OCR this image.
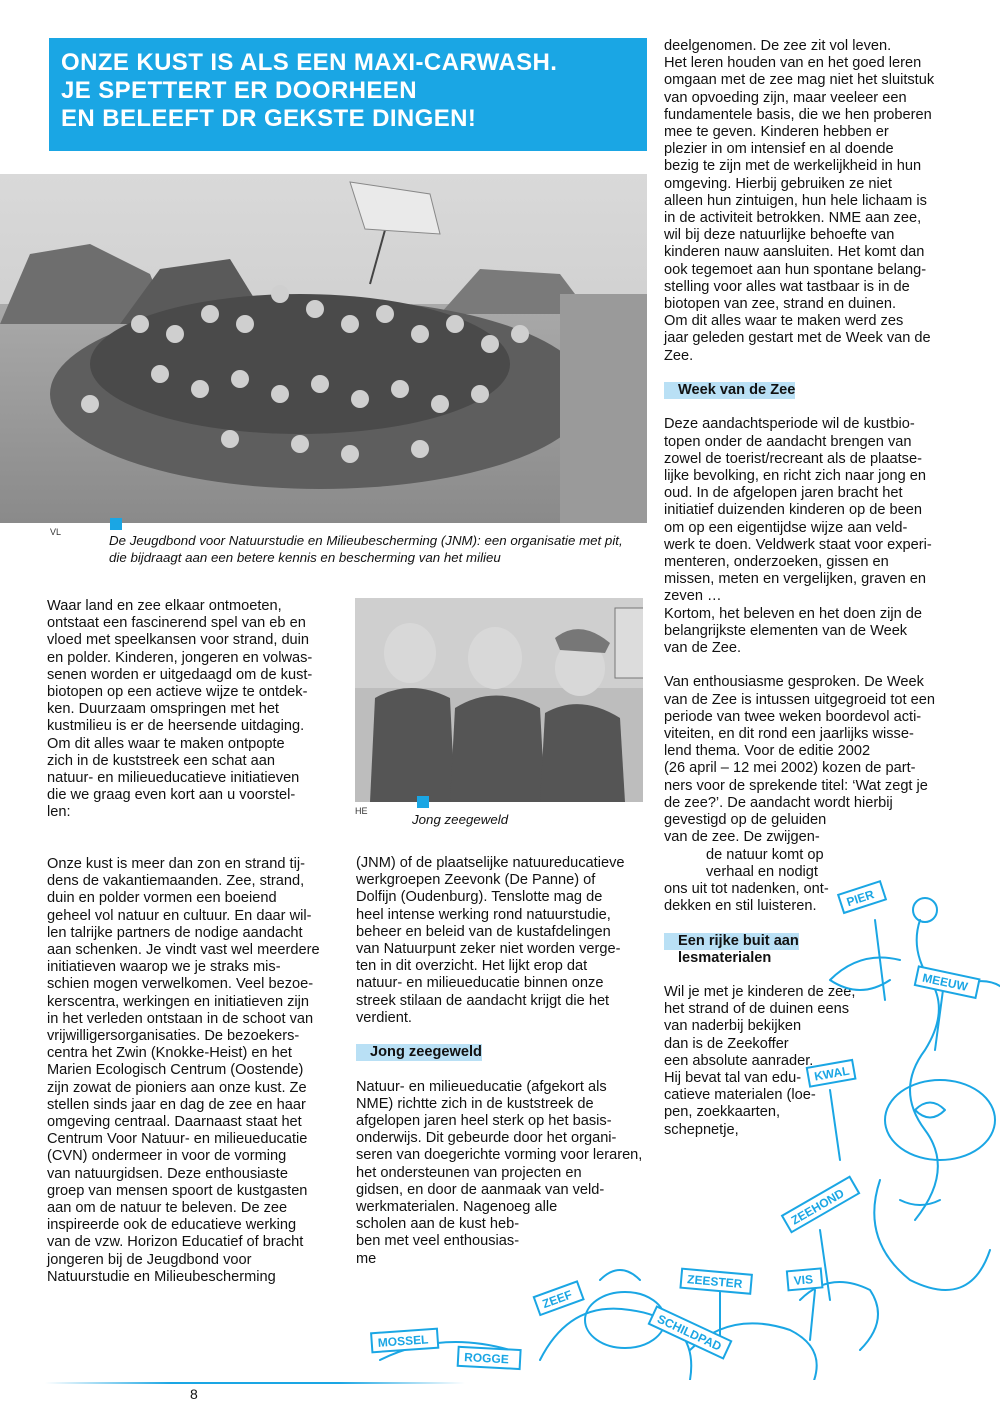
ONZE KUST IS ALS EEN MAXI-CARWASH.
JE SPETTERT ER DOORHEEN
EN BELEEFT DR GEKSTE DINGEN!
VL
De Jeugdbond voor Natuurstudie en Milieubescherming (JNM): een organisatie met pit,
die bijdraagt aan een betere kennis en bescherming van het milieu
HE
Jong zeegeweld

Waar land en zee elkaar ontmoeten,
ontstaat een fascinerend spel van eb en
vloed met speelkansen voor strand, duin
en polder. Kinderen, jongeren en volwas-
senen worden er uitgedaagd om de kust-
biotopen op een actieve wijze te ontdek-
ken. Duurzaam omspringen met het
kustmilieu is er de heersende uitdaging.
Om dit alles waar te maken ontpopte
zich in de kuststreek een schat aan
natuur- en milieueducatieve initiatieven
die we graag even kort aan u voorstel-
len:

Onze kust is meer dan zon en strand tij-
dens de vakantiemaanden. Zee, strand,
duin en polder vormen een boeiend
geheel vol natuur en cultuur. En daar wil-
len talrijke partners de nodige aandacht
aan schenken. Je vindt vast wel meerdere
initiatieven waarop we je straks mis-
schien mogen verwelkomen. Veel bezoe-
kerscentra, werkingen en initiatieven zijn
in het verleden ontstaan in de schoot van
vrijwilligersorganisaties. De bezoekers-
centra het Zwin (Knokke-Heist) en het
Marien Ecologisch Centrum (Oostende)
zijn zowat de pioniers aan onze kust. Ze
stellen sinds jaar en dag de zee en haar
omgeving centraal. Daarnaast staat het
Centrum Voor Natuur- en milieueducatie
(CVN) ondermeer in voor de vorming
van natuurgidsen. Deze enthousiaste
groep van mensen spoort de kustgasten
aan om de natuur te beleven. De zee
inspireerde ook de educatieve werking
van de vzw. Horizon Educatief of bracht
jongeren bij de Jeugdbond voor
Natuurstudie en Milieubescherming

(JNM) of de plaatselijke natuureducatieve
werkgroepen Zeevonk (De Panne) of
Dolfijn (Oudenburg). Tenslotte mag de
heel intense werking rond natuurstudie,
beheer en beleid van de kustafdelingen
van Natuurpunt zeker niet worden verge-
ten in dit overzicht. Het lijkt erop dat
natuur- en milieueducatie binnen onze
streek stilaan de aandacht krijgt die het
verdient.

Jong zeegeweld

Natuur- en milieueducatie (afgekort als
NME) richtte zich in de kuststreek de
afgelopen jaren heel sterk op het basis-
onderwijs. Dit gebeurde door het organi-
seren van doegerichte vorming voor leraren,
het ondersteunen van projecten en
gidsen, en door de aanmaak van veld-
werkmaterialen. Nagenoeg alle
scholen aan de kust heb-
ben met veel enthousias-
me

deelgenomen. De zee zit vol leven.
Het leren houden van en het goed leren
omgaan met de zee mag niet het sluitstuk
van opvoeding zijn, maar veeleer een
fundamentele basis, die we hen proberen
mee te geven. Kinderen hebben er
plezier in om intensief en al doende
bezig te zijn met de werkelijkheid in hun
omgeving. Hierbij gebruiken ze niet
alleen hun zintuigen, hun hele lichaam is
in de activiteit betrokken. NME aan zee,
wil bij deze natuurlijke behoefte van
kinderen nauw aansluiten. Het komt dan
ook tegemoet aan hun spontane belang-
stelling voor alles wat tastbaar is in de
biotopen van zee, strand en duinen.
Om dit alles waar te maken werd zes
jaar geleden gestart met de Week van de
Zee.

Week van de Zee

Deze aandachtsperiode wil de kustbio-
topen onder de aandacht brengen van
zowel de toerist/recreant als de plaatse-
lijke bevolking, en richt zich naar jong en
oud. In de afgelopen jaren bracht het
initiatief duizenden kinderen op de been
om op een eigentijdse wijze aan veld-
werk te doen. Veldwerk staat voor experi-
menteren, onderzoeken, gissen en
missen, meten en vergelijken, graven en
zeven …
Kortom, het beleven en het doen zijn de
belangrijkste elementen van de Week
van de Zee.

Van enthousiasme gesproken. De Week
van de Zee is intussen uitgegroeid tot een
periode van twee weken boordevol acti-
viteiten, en dit rond een jaarlijks wisse-
lend thema. Voor de editie 2002
(26 april – 12 mei 2002) kozen de part-
ners voor de sprekende titel: ‘Wat zegt je
de zee?’. De aandacht wordt hierbij
gevestigd op de geluiden
van de zee. De zwijgen-
de natuur komt op
verhaal en nodigt
ons uit tot nadenken, ont-
dekken en stil luisteren.

Een rijke buit aan
lesmaterialen

Wil je met je kinderen de zee,
het strand of de duinen eens
van naderbij bekijken
dan is de Zeekoffer
een absolute aanrader.
Hij bevat tal van edu-
catieve materialen (loe-
pen, zoekkaarten,
schepnetje,

PIER
MEEUW
KWAL
ZEEHOND
ZEESTER	VIS
ZEEF
SCHILDPAD
MOSSEL
ROGGE
8
